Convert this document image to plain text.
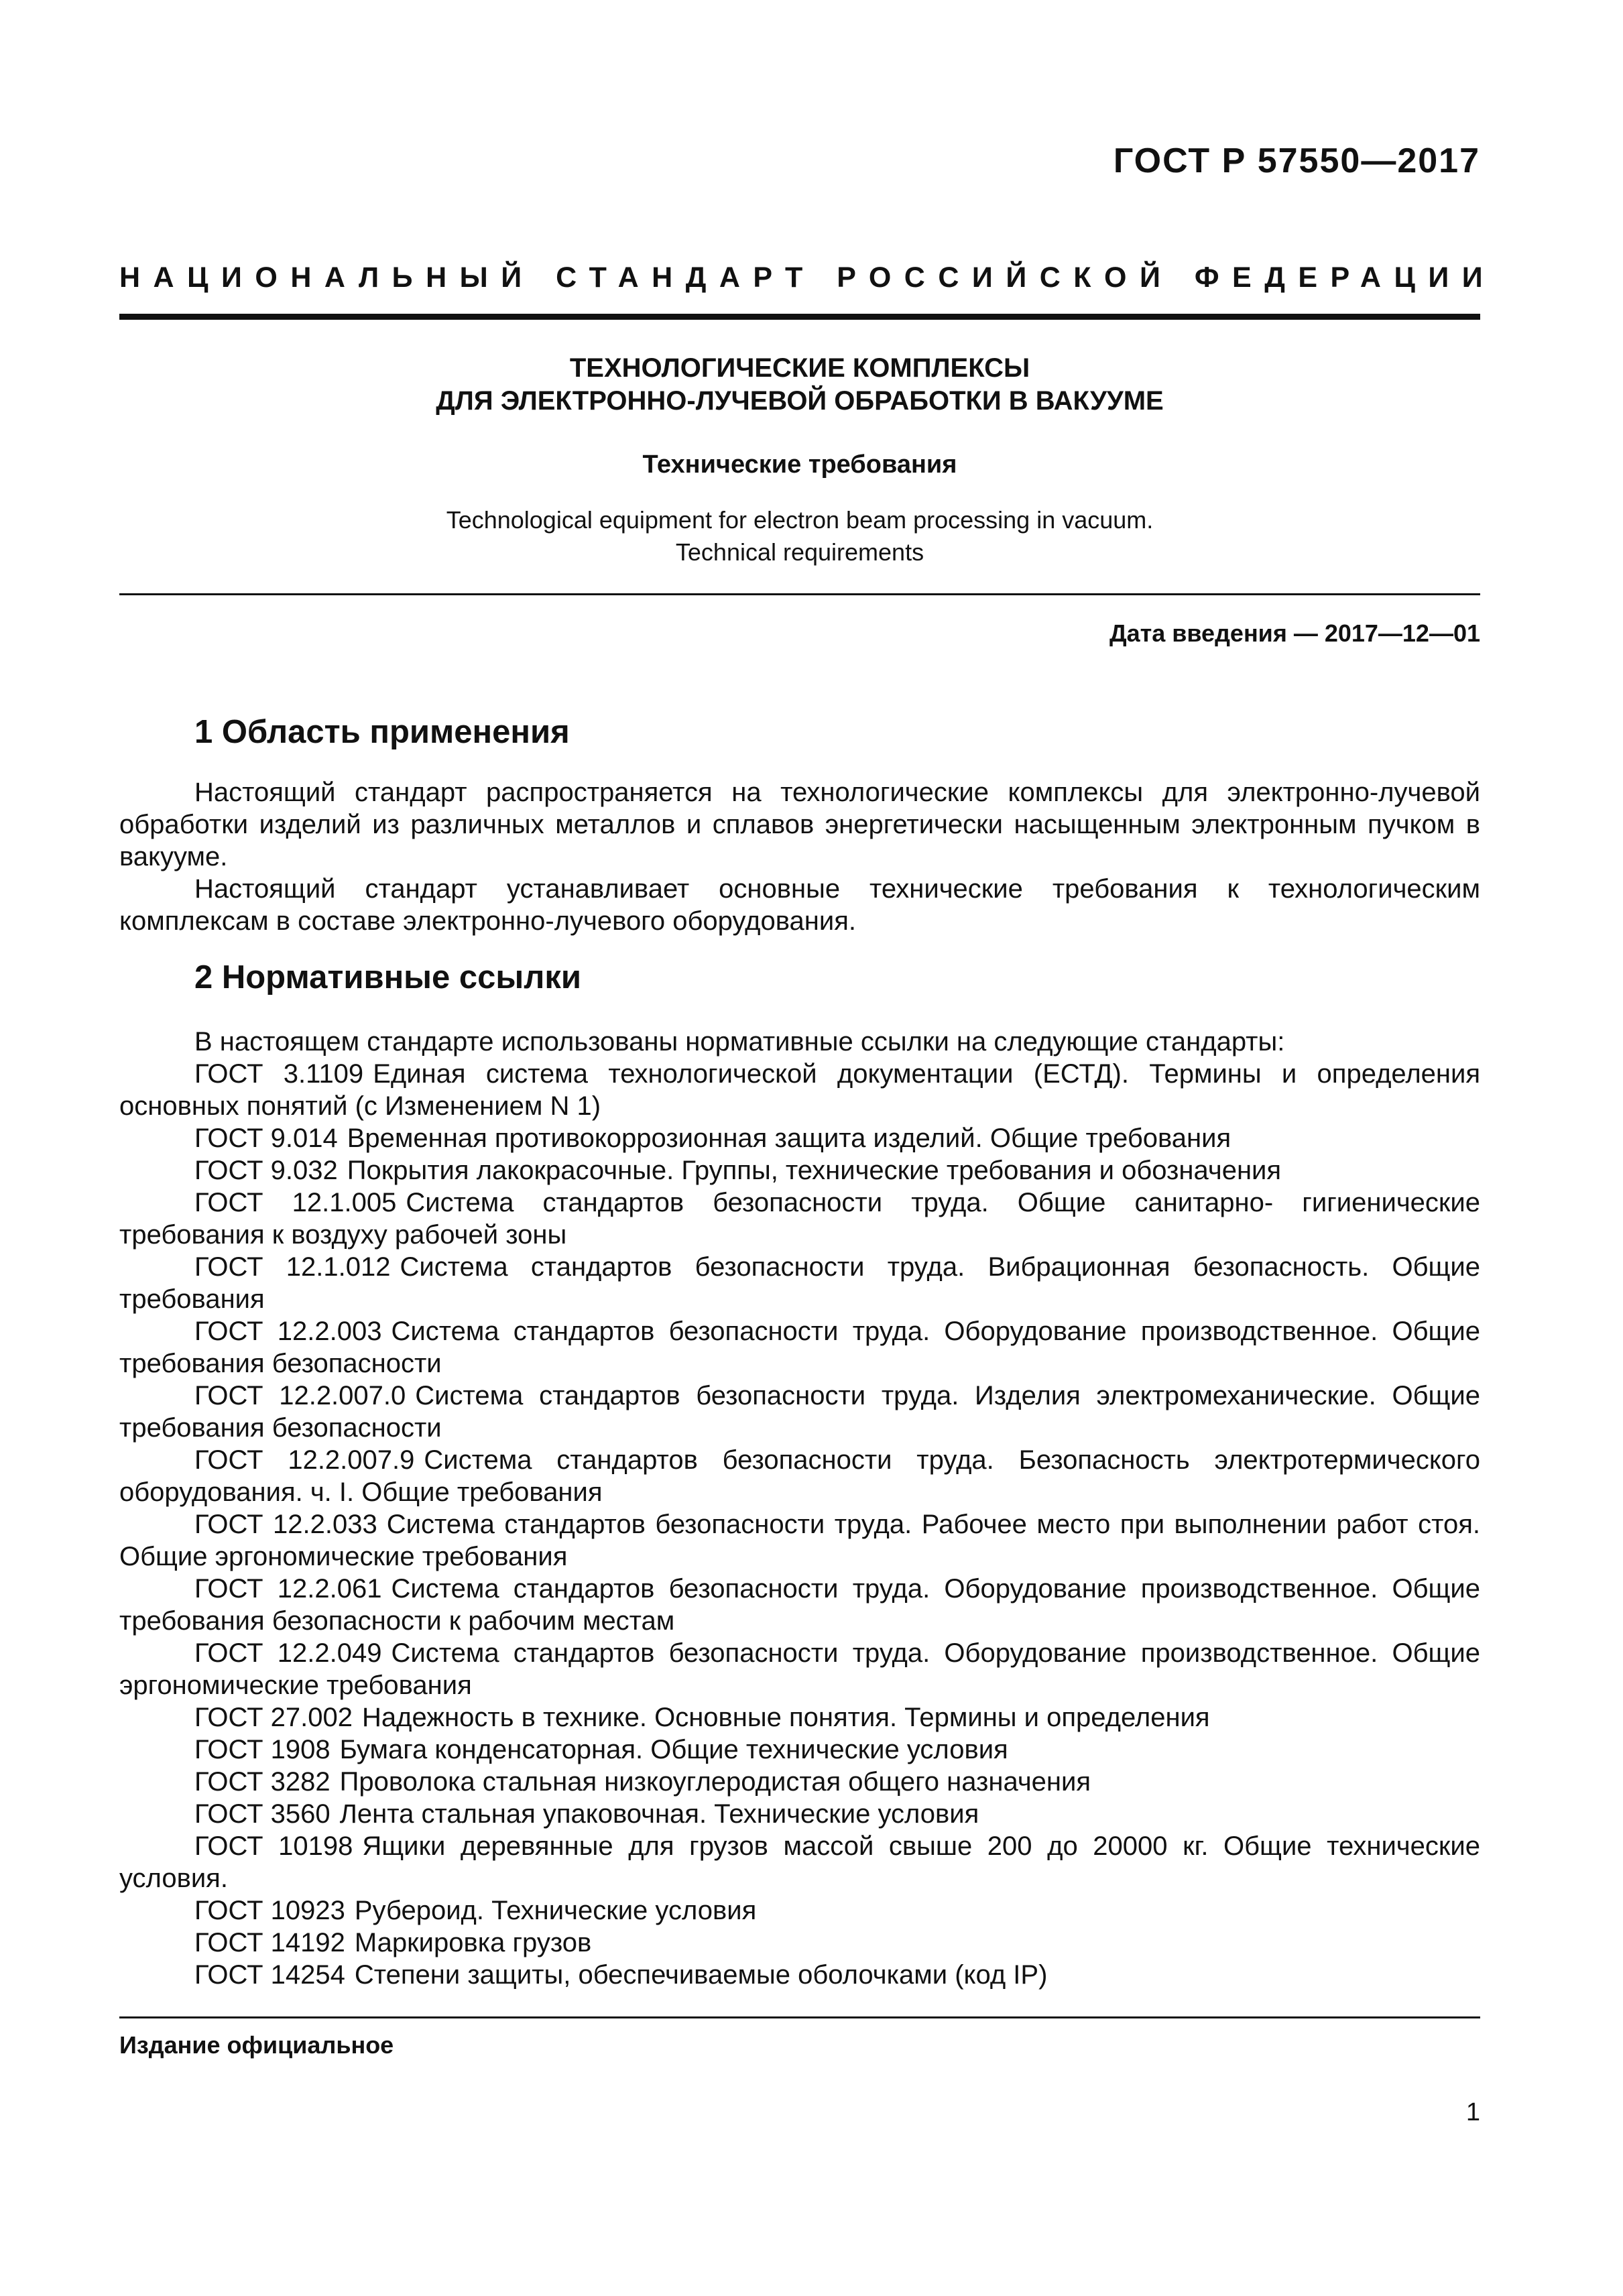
ГОСТ Р 57550—2017
НАЦИОНАЛЬНЫЙ СТАНДАРТ РОССИЙСКОЙ ФЕДЕРАЦИИ
ТЕХНОЛОГИЧЕСКИЕ КОМПЛЕКСЫ
ДЛЯ ЭЛЕКТРОННО-ЛУЧЕВОЙ ОБРАБОТКИ В ВАКУУМЕ
Технические требования
Technological equipment for electron beam processing in vacuum.
Technical requirements
Дата введения — 2017—12—01
1 Область применения

Настоящий стандарт распространяется на технологические комплексы для электронно-лучевой обработки изделий из различных металлов и сплавов энергетически насыщенным электронным пучком в вакууме.

Настоящий стандарт устанавливает основные технические требования к технологическим комплексам в составе электронно-лучевого оборудования.

2 Нормативные ссылки

В настоящем стандарте использованы нормативные ссылки на следующие стандарты:

ГОСТ 3.1109 Единая система технологической документации (ЕСТД). Термины и определения основных понятий (с Изменением N 1)

ГОСТ 9.014 Временная противокоррозионная защита изделий. Общие требования

ГОСТ 9.032 Покрытия лакокрасочные. Группы, технические требования и обозначения

ГОСТ 12.1.005 Система стандартов безопасности труда. Общие санитарно- гигиенические требования к воздуху рабочей зоны

ГОСТ 12.1.012 Система стандартов безопасности труда. Вибрационная безопасность. Общие требования

ГОСТ 12.2.003 Система стандартов безопасности труда. Оборудование производственное. Общие требования безопасности

ГОСТ 12.2.007.0 Система стандартов безопасности труда. Изделия электромеханические. Общие требования безопасности

ГОСТ 12.2.007.9 Система стандартов безопасности труда. Безопасность электротермического оборудования. ч. I. Общие требования

ГОСТ 12.2.033 Система стандартов безопасности труда. Рабочее место при выполнении работ стоя. Общие эргономические требования

ГОСТ 12.2.061 Система стандартов безопасности труда. Оборудование производственное. Общие требования безопасности к рабочим местам

ГОСТ 12.2.049 Система стандартов безопасности труда. Оборудование производственное. Общие эргономические требования

ГОСТ 27.002 Надежность в технике. Основные понятия. Термины и определения

ГОСТ 1908 Бумага конденсаторная. Общие технические условия

ГОСТ 3282 Проволока стальная низкоуглеродистая общего назначения

ГОСТ 3560 Лента стальная упаковочная. Технические условия

ГОСТ 10198 Ящики деревянные для грузов массой свыше 200 до 20000 кг. Общие технические условия.

ГОСТ 10923 Рубероид. Технические условия

ГОСТ 14192 Маркировка грузов

ГОСТ 14254 Степени защиты, обеспечиваемые оболочками (код IP)

Издание официальное
1
